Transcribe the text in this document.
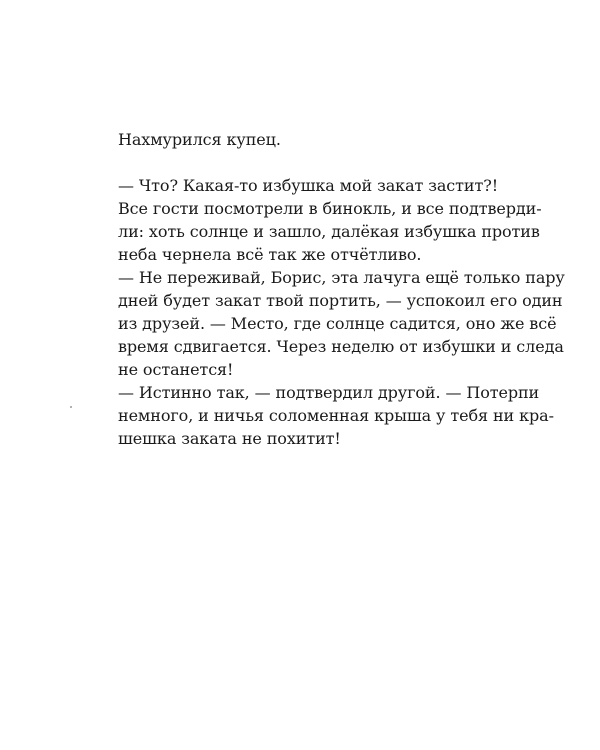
Нахмурился купец.
— Что? Какая-то избушка мой закат застит?!
Все гости посмотрели в бинокль, и все подтверди-
ли: хоть солнце и зашло, далёкая избушка против
неба чернела всё так же отчётливо.
— Не переживай, Борис, эта лачуга ещё только пару
дней будет закат твой портить, — успокоил его один
из друзей. — Место, где солнце садится, оно же всё
время сдвигается. Через неделю от избушки и следа
не останется!
— Истинно так, — подтвердил другой. — Потерпи
немного, и ничья соломенная крыша у тебя ни кра-
шешка заката не похитит!
